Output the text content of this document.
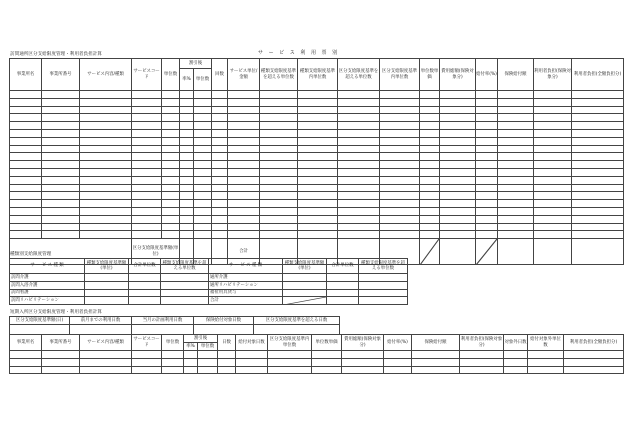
サ ー ビ ス 利 用 票 別
訪問通所区分支給限度管理・利用者負担計算
事業所名	事業所番号	サービス内容/種類	サービスコード	単位数	割引後		回数	サービス単位/金額	種類支給限度基準を超える単位数	種類支給限度基準内単位数	区分支給限度基準を超える単位数	区分支給限度基準内単位数	単位数単価	費用総額(保険対象分)	給付率(%)	保険給付額	利用者負担(保険対象分)	利用者負担(全額負担分)
					率%	単位数												

			区分支給限度基準額(単位)					合計					

種類別支給限度管理
サ ー ビ ス 種 類	種類支給限度基準額(単位)	合計単位数	種類支給限度基準を超える単位数	サ ー ビ ス 種 類	種類支給限度基準額(単位)	合計単位数	種類支給限度基準を超える単位数
訪問介護				通所介護			
訪問入浴介護				通所リハビリテーション			
訪問看護				福祉用具貸与			
訪問リハビリテーション				合計	

短期入所区分支給限度管理・利用者負担計算
区分支給限度基準額(日)	前月までの利用日数	当月の計画利用日数	保険給付対象日数	区分支給限度基準を超える日数

事業所名	事業所番号	サービス内容/種類	サービスコード	単位数	割引後		日数	給付対象日数	区分支給限度基準内単位数	単位数単価	費用総額(保険対象分)	給付率(%)	保険給付額	利用者負担(保険対象分)	対象外日数	給付対象外単位数	利用者負担(全額負担分)
					率%	単位数											
